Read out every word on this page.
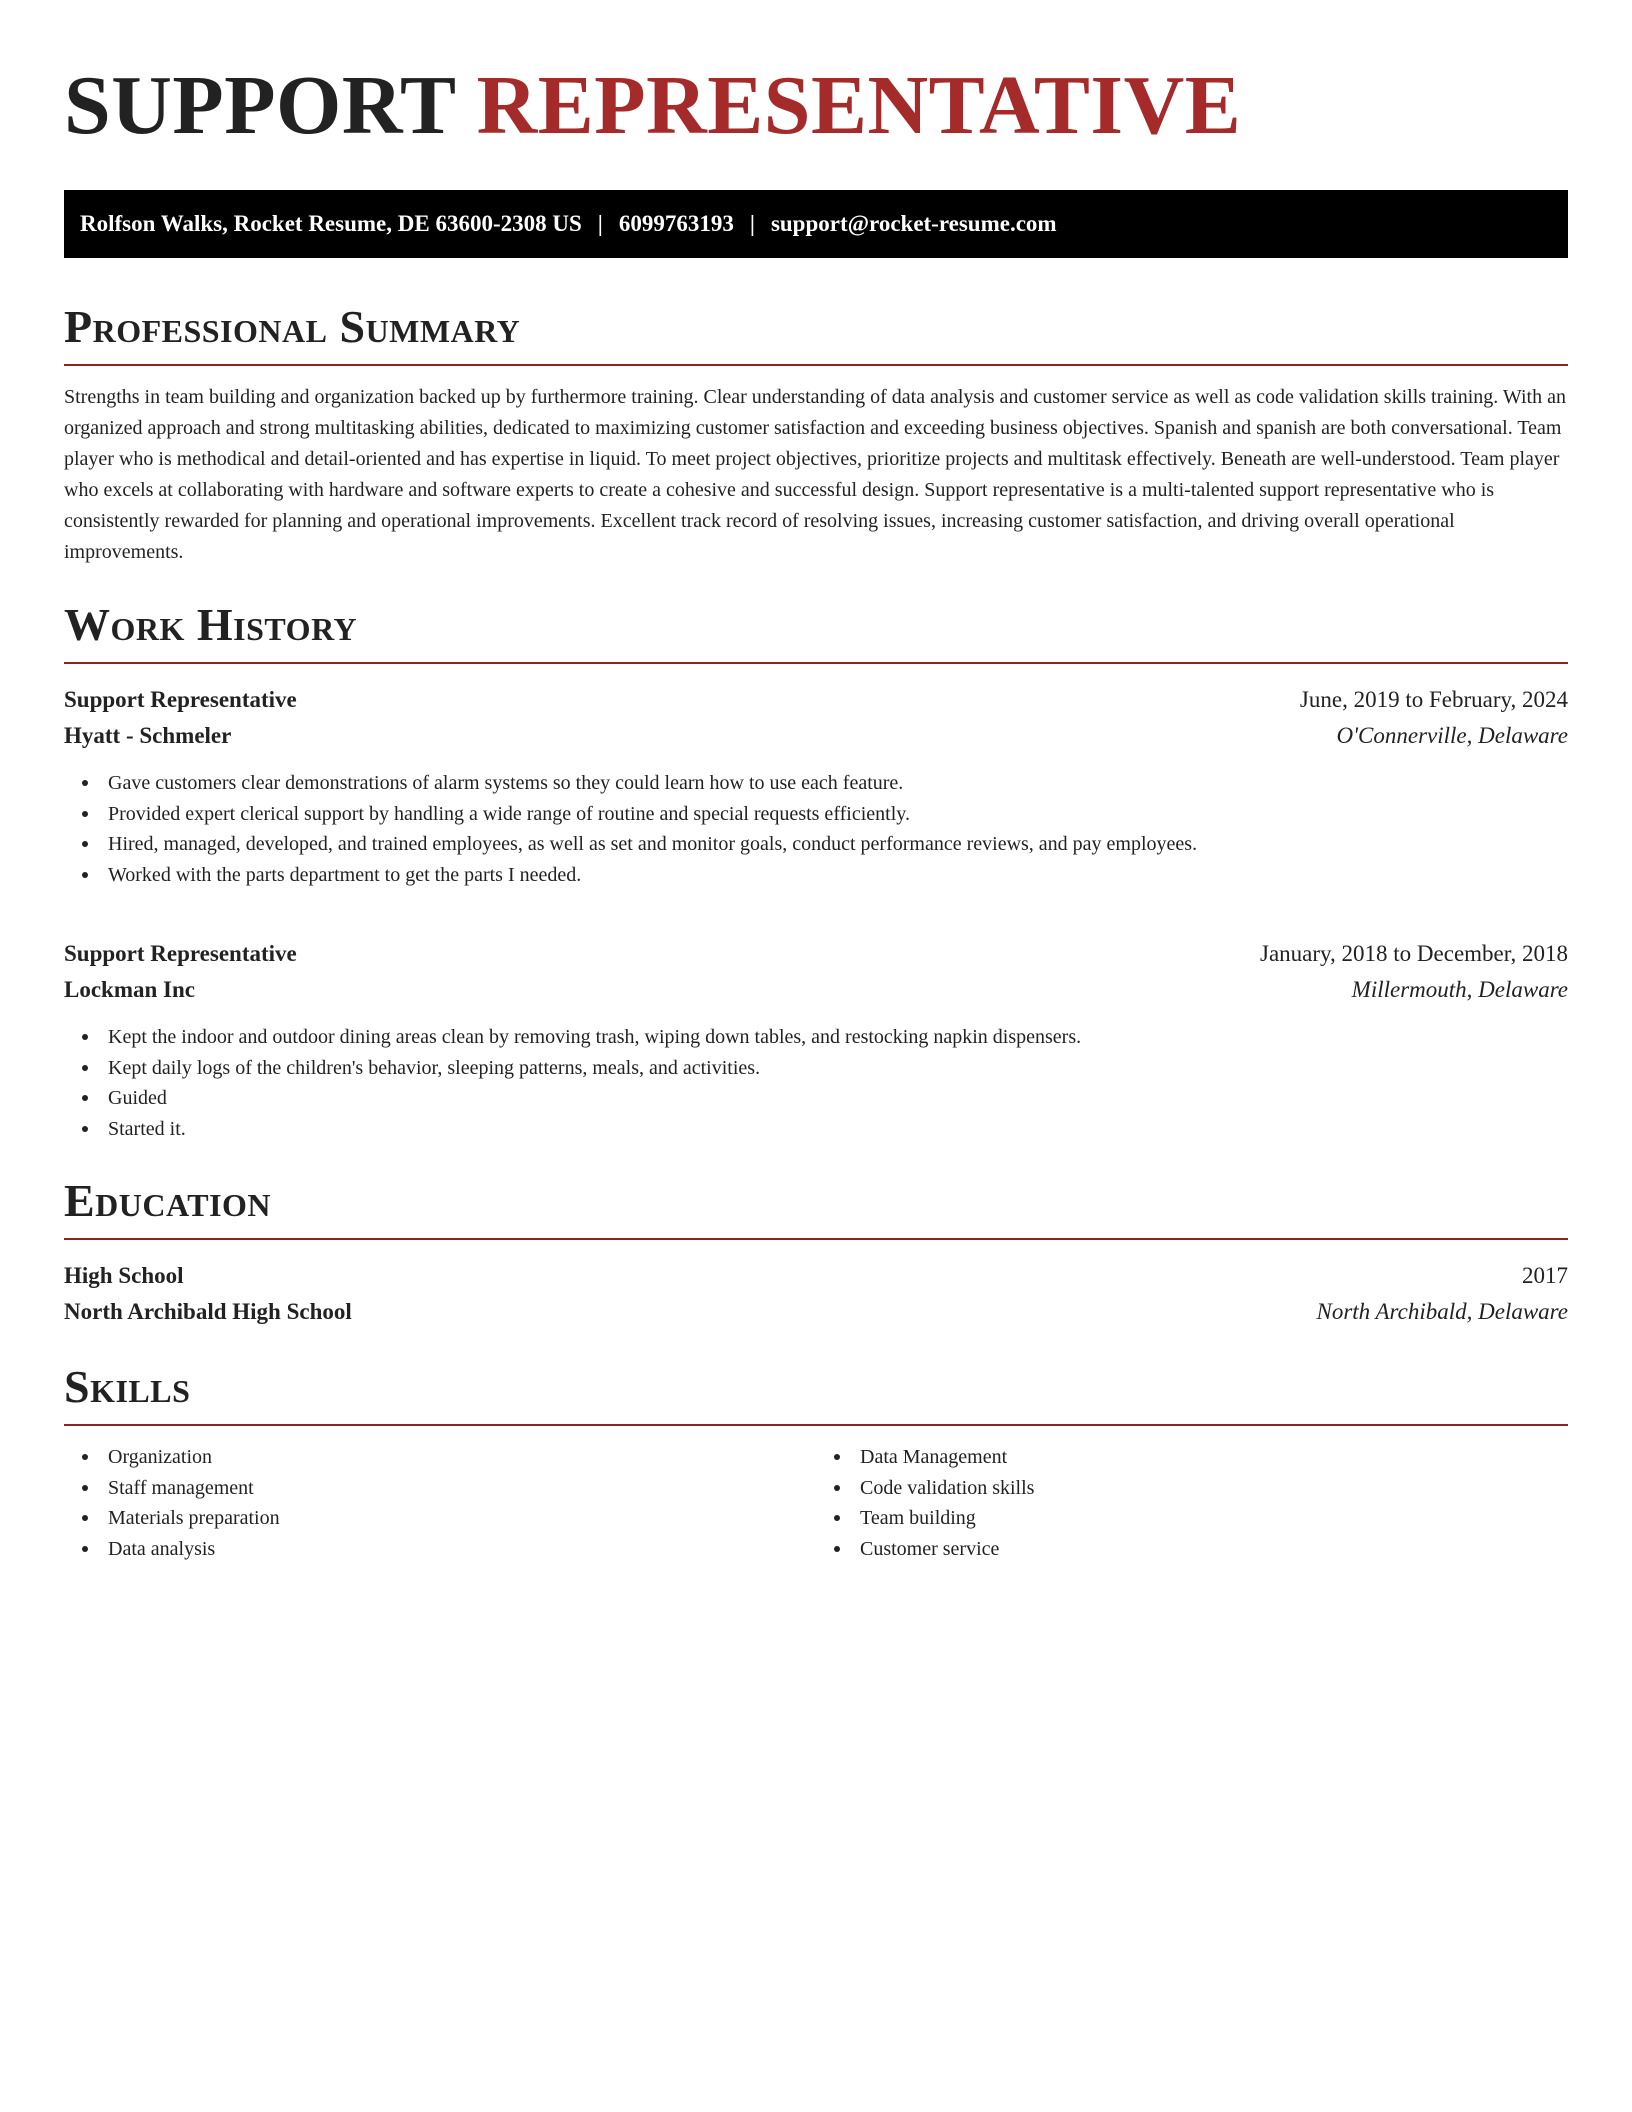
SUPPORT REPRESENTATIVE
Rolfson Walks, Rocket Resume, DE 63600-2308 US | 6099763193 | support@rocket-resume.com
Professional Summary

Strengths in team building and organization backed up by furthermore training. Clear understanding of data analysis and customer service as well as code validation skills training. With an organized approach and strong multitasking abilities, dedicated to maximizing customer satisfaction and exceeding business objectives. Spanish and spanish are both conversational. Team player who is methodical and detail-oriented and has expertise in liquid. To meet project objectives, prioritize projects and multitask effectively. Beneath are well-understood. Team player who excels at collaborating with hardware and software experts to create a cohesive and successful design. Support representative is a multi-talented support representative who is consistently rewarded for planning and operational improvements. Excellent track record of resolving issues, increasing customer satisfaction, and driving overall operational improvements.

Work History
Support Representative	June, 2019 to February, 2024
Hyatt - Schmeler	O'Connerville, Delaware
Gave customers clear demonstrations of alarm systems so they could learn how to use each feature.
Provided expert clerical support by handling a wide range of routine and special requests efficiently.
Hired, managed, developed, and trained employees, as well as set and monitor goals, conduct performance reviews, and pay employees.
Worked with the parts department to get the parts I needed.
Support Representative	January, 2018 to December, 2018
Lockman Inc	Millermouth, Delaware
Kept the indoor and outdoor dining areas clean by removing trash, wiping down tables, and restocking napkin dispensers.
Kept daily logs of the children's behavior, sleeping patterns, meals, and activities.
Guided
Started it.
Education
High School	2017
North Archibald High School	North Archibald, Delaware
Skills
Organization
Staff management
Materials preparation
Data analysis
Data Management
Code validation skills
Team building
Customer service
